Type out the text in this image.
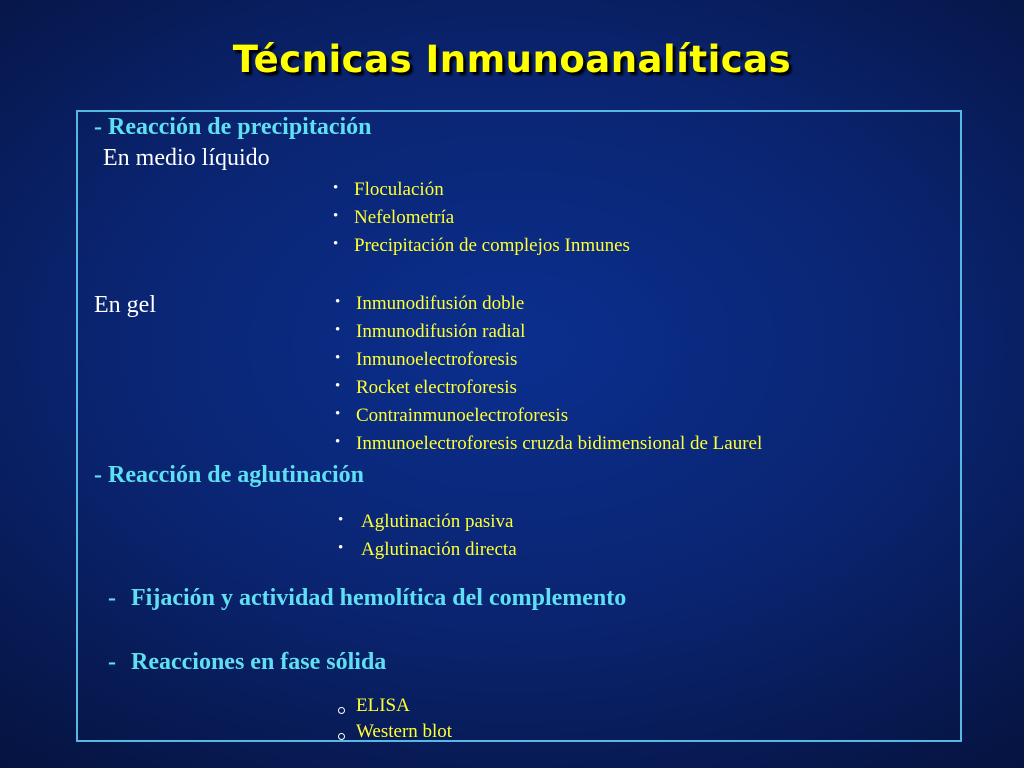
Técnicas Inmunoanalíticas
- Reacción de precipitación
En medio líquido
• Floculación
• Nefelometría
• Precipitación de complejos Inmunes
En gel	• Inmunodifusión doble
• Inmunodifusión radial
• Inmunoelectroforesis
• Rocket electroforesis
• Contrainmunoelectroforesis
• Inmunoelectroforesis cruzda bidimensional de Laurel
- Reacción de aglutinación
• Aglutinación pasiva
• Aglutinación directa
- Fijación y actividad hemolítica del complemento
- Reacciones en fase sólida
ELISA
Western blot
